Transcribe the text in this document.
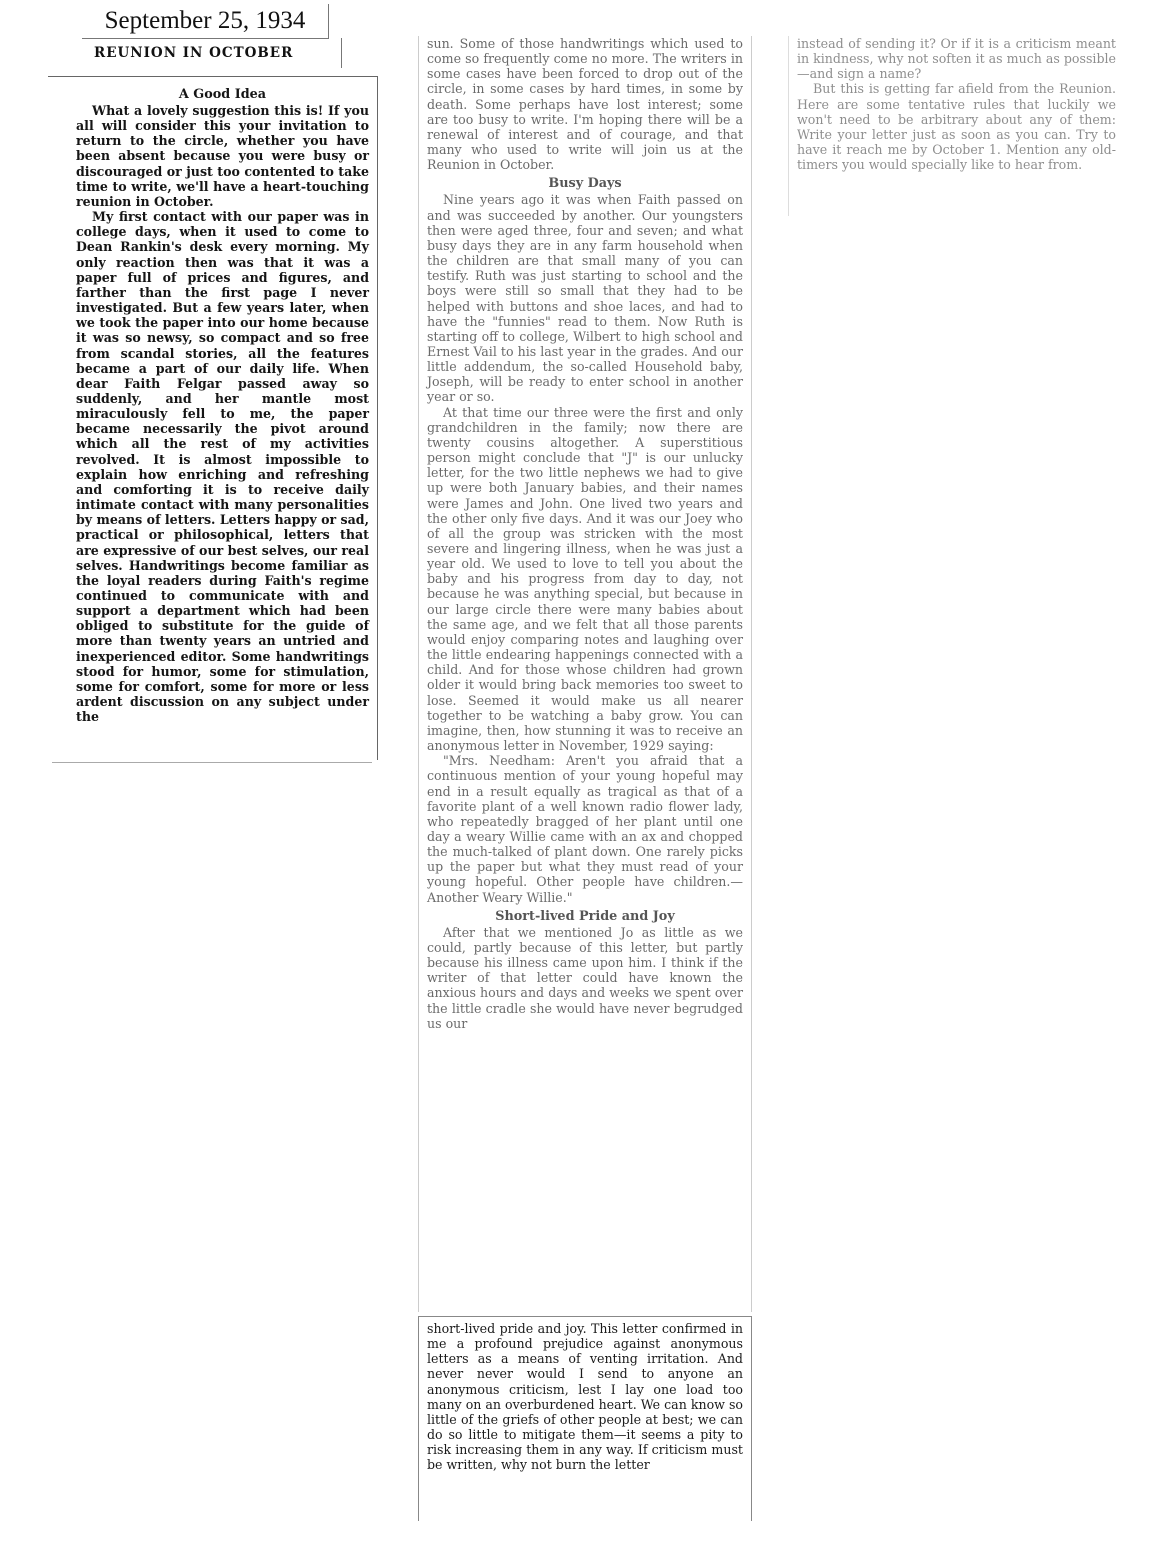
September 25, 1934
REUNION IN OCTOBER
A Good Idea

What a lovely suggestion this is! If you all will consider this your invitation to return to the circle, whether you have been absent because you were busy or discouraged or just too contented to take time to write, we'll have a heart-touching reunion in October.

My first contact with our paper was in college days, when it used to come to Dean Rankin's desk every morning. My only reaction then was that it was a paper full of prices and figures, and farther than the first page I never investigated. But a few years later, when we took the paper into our home because it was so newsy, so compact and so free from scandal stories, all the features became a part of our daily life. When dear Faith Felgar passed away so suddenly, and her mantle most miraculously fell to me, the paper became necessarily the pivot around which all the rest of my activities revolved. It is almost impossible to explain how enriching and refreshing and comforting it is to receive daily intimate contact with many personalities by means of letters. Letters happy or sad, practical or philosophical, letters that are expressive of our best selves, our real selves. Handwritings become familiar as the loyal readers during Faith's regime continued to communicate with and support a department which had been obliged to substitute for the guide of more than twenty years an untried and inexperienced editor. Some handwritings stood for humor, some for stimulation, some for comfort, some for more or less ardent discussion on any subject under the

sun. Some of those handwritings which used to come so frequently come no more. The writers in some cases have been forced to drop out of the circle, in some cases by hard times, in some by death. Some perhaps have lost interest; some are too busy to write. I'm hoping there will be a renewal of interest and of courage, and that many who used to write will join us at the Reunion in October.

Busy Days

Nine years ago it was when Faith passed on and was succeeded by another. Our youngsters then were aged three, four and seven; and what busy days they are in any farm household when the children are that small many of you can testify. Ruth was just starting to school and the boys were still so small that they had to be helped with buttons and shoe laces, and had to have the "funnies" read to them. Now Ruth is starting off to college, Wilbert to high school and Ernest Vail to his last year in the grades. And our little addendum, the so-called Household baby, Joseph, will be ready to enter school in another year or so.

At that time our three were the first and only grandchildren in the family; now there are twenty cousins altogether. A superstitious person might conclude that "J" is our unlucky letter, for the two little nephews we had to give up were both January babies, and their names were James and John. One lived two years and the other only five days. And it was our Joey who of all the group was stricken with the most severe and lingering illness, when he was just a year old. We used to love to tell you about the baby and his progress from day to day, not because he was anything special, but because in our large circle there were many babies about the same age, and we felt that all those parents would enjoy comparing notes and laughing over the little endearing happenings connected with a child. And for those whose children had grown older it would bring back memories too sweet to lose. Seemed it would make us all nearer together to be watching a baby grow. You can imagine, then, how stunning it was to receive an anonymous letter in November, 1929 saying:

"Mrs. Needham: Aren't you afraid that a continuous mention of your young hopeful may end in a result equally as tragical as that of a favorite plant of a well known radio flower lady, who repeatedly bragged of her plant until one day a weary Willie came with an ax and chopped the much-talked of plant down. One rarely picks up the paper but what they must read of your young hopeful. Other people have children.—Another Weary Willie."

Short-lived Pride and Joy

After that we mentioned Jo as little as we could, partly because of this letter, but partly because his illness came upon him. I think if the writer of that letter could have known the anxious hours and days and weeks we spent over the little cradle she would have never begrudged us our

short-lived pride and joy. This letter confirmed in me a profound prejudice against anonymous letters as a means of venting irritation. And never never would I send to anyone an anonymous criticism, lest I lay one load too many on an overburdened heart. We can know so little of the griefs of other people at best; we can do so little to mitigate them—it seems a pity to risk increasing them in any way. If criticism must be written, why not burn the letter

instead of sending it? Or if it is a criticism meant in kindness, why not soften it as much as possible—and sign a name?

But this is getting far afield from the Reunion. Here are some tentative rules that luckily we won't need to be arbitrary about any of them: Write your letter just as soon as you can. Try to have it reach me by October 1. Mention any old-timers you would specially like to hear from.
